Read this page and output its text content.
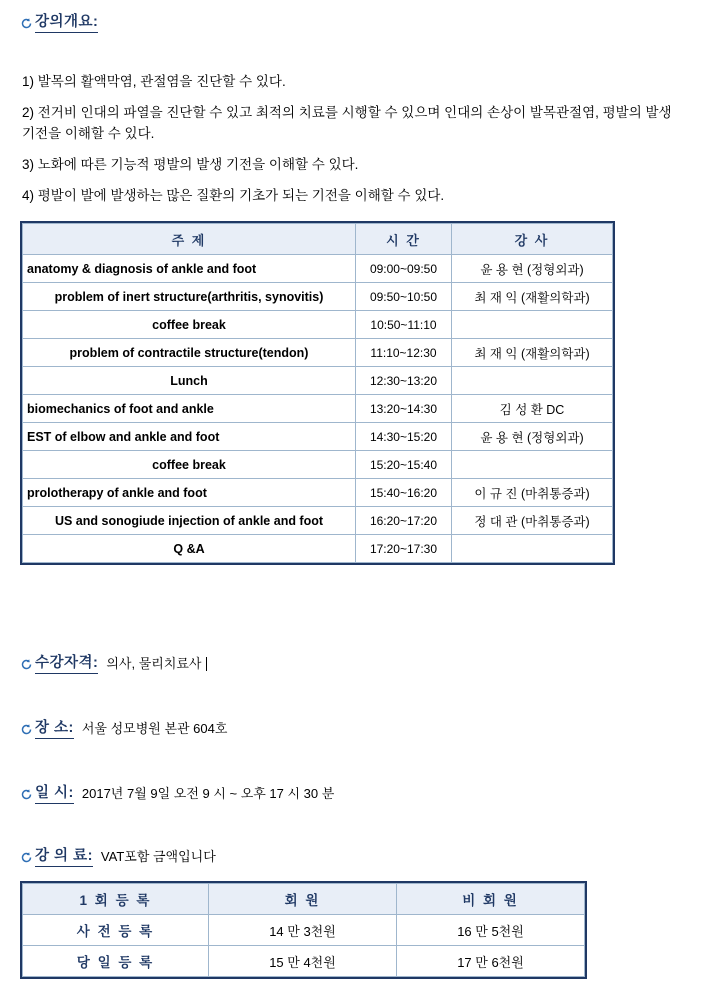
강의개요:

1) 발목의 활액막염, 관절염을 진단할 수 있다.

2) 전거비 인대의 파열을 진단할 수 있고 최적의 치료를 시행할 수 있으며 인대의 손상이 발목관절염, 평발의 발생 기전을 이해할 수 있다.

3) 노화에 따른 기능적 평발의 발생 기전을 이해할 수 있다.

4) 평발이 발에 발생하는 많은 질환의 기초가 되는 기전을 이해할 수 있다.

주 제	시 간	강 사
anatomy & diagnosis of ankle and foot	09:00~09:50	윤 용 현 (정형외과)
problem of inert structure(arthritis, synovitis)	09:50~10:50	최 재 익 (재활의학과)
coffee break	10:50~11:10	
problem of contractile structure(tendon)	11:10~12:30	최 재 익 (재활의학과)
Lunch	12:30~13:20	
biomechanics of foot and ankle	13:20~14:30	김 성 환 DC
EST of elbow and ankle and foot	14:30~15:20	윤 용 현 (정형외과)
coffee break	15:20~15:40	
prolotherapy of ankle and foot	15:40~16:20	이 규 진 (마취통증과)
US and sonogiude injection of ankle and foot	16:20~17:20	정 대 관 (마취통증과)
Q &A	17:20~17:30	
수강자격: 의사, 물리치료사
장 소: 서울 성모병원 본관 604호
일 시: 2017년 7월 9일 오전 9 시 ~ 오후 17 시 30 분
강 의 료: VAT포함 금액입니다
1 회 등 록	회 원	비 회 원
사 전 등 록	14 만 3천원	16 만 5천원
당 일 등 록	15 만 4천원	17 만 6천원
